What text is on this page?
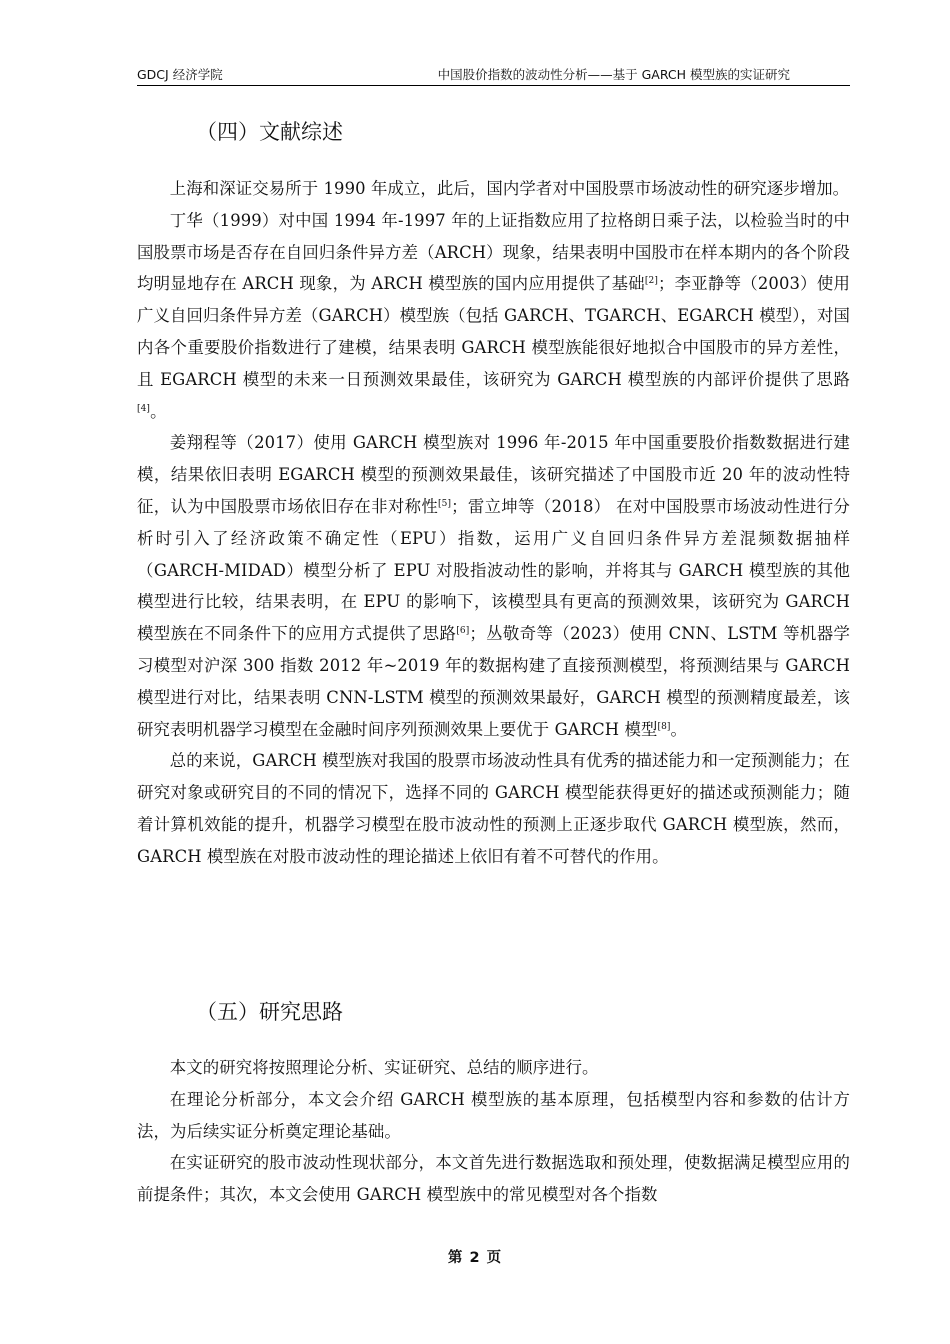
GDCJ 经济学院	中国股价指数的波动性分析——基于 GARCH 模型族的实证研究
（四）文献综述

上海和深证交易所于 1990 年成立，此后，国内学者对中国股票市场波动性的研究逐步增加。

丁华（1999）对中国 1994 年-1997 年的上证指数应用了拉格朗日乘子法，以检验当时的中国股票市场是否存在自回归条件异方差（ARCH）现象，结果表明中国股市在样本期内的各个阶段均明显地存在 ARCH 现象，为 ARCH 模型族的国内应用提供了基础[2]；李亚静等（2003）使用广义自回归条件异方差（GARCH）模型族（包括 GARCH、TGARCH、EGARCH 模型），对国内各个重要股价指数进行了建模，结果表明 GARCH 模型族能很好地拟合中国股市的异方差性，且 EGARCH 模型的未来一日预测效果最佳，该研究为 GARCH 模型族的内部评价提供了思路[4]。

姜翔程等（2017）使用 GARCH 模型族对 1996 年-2015 年中国重要股价指数数据进行建模，结果依旧表明 EGARCH 模型的预测效果最佳，该研究描述了中国股市近 20 年的波动性特征，认为中国股票市场依旧存在非对称性[5]；雷立坤等（2018） 在对中国股票市场波动性进行分析时引入了经济政策不确定性（EPU）指数，运用广义自回归条件异方差混频数据抽样（GARCH-MIDAD）模型分析了 EPU 对股指波动性的影响，并将其与 GARCH 模型族的其他模型进行比较，结果表明，在 EPU 的影响下，该模型具有更高的预测效果，该研究为 GARCH 模型族在不同条件下的应用方式提供了思路[6]；丛敬奇等（2023）使用 CNN、LSTM 等机器学习模型对沪深 300 指数 2012 年~2019 年的数据构建了直接预测模型，将预测结果与 GARCH 模型进行对比，结果表明 CNN-LSTM 模型的预测效果最好，GARCH 模型的预测精度最差，该研究表明机器学习模型在金融时间序列预测效果上要优于 GARCH 模型[8]。

总的来说，GARCH 模型族对我国的股票市场波动性具有优秀的描述能力和一定预测能力；在研究对象或研究目的不同的情况下，选择不同的 GARCH 模型能获得更好的描述或预测能力；随着计算机效能的提升，机器学习模型在股市波动性的预测上正逐步取代 GARCH 模型族，然而，GARCH 模型族在对股市波动性的理论描述上依旧有着不可替代的作用。

（五）研究思路

本文的研究将按照理论分析、实证研究、总结的顺序进行。

在理论分析部分，本文会介绍 GARCH 模型族的基本原理，包括模型内容和参数的估计方法，为后续实证分析奠定理论基础。

在实证研究的股市波动性现状部分，本文首先进行数据选取和预处理，使数据满足模型应用的前提条件；其次，本文会使用 GARCH 模型族中的常见模型对各个指数

第 2 页
